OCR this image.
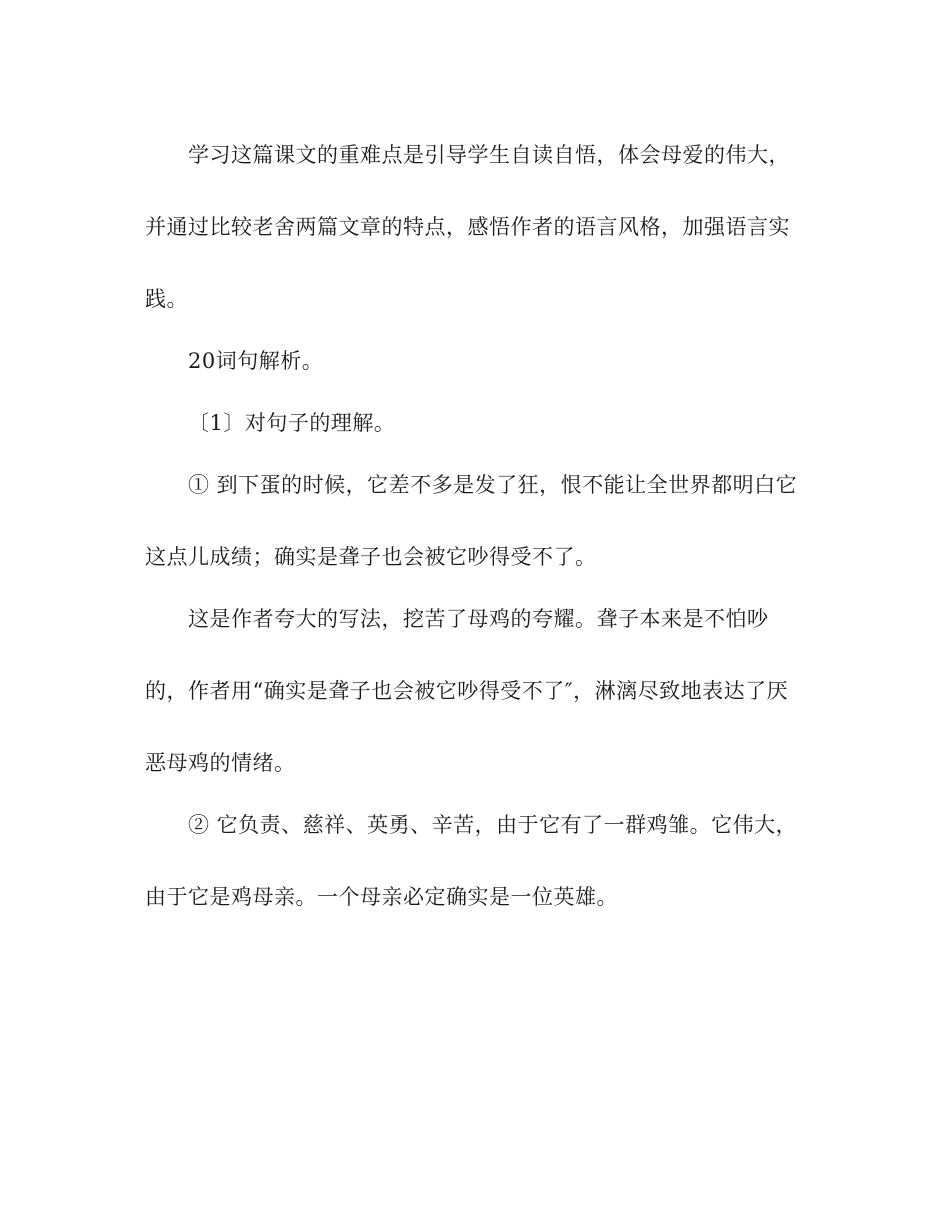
学习这篇课文的重难点是引导学生自读自悟，体会母爱的伟大，
并通过比较老舍两篇文章的特点，感悟作者的语言风格，加强语言实
践。
20词句解析。
〔1〕对句子的理解。
① 到下蛋的时候，它差不多是发了狂，恨不能让全世界都明白它
这点儿成绩；确实是聋子也会被它吵得受不了。
这是作者夸大的写法，挖苦了母鸡的夸耀。聋子本来是不怕吵
的，作者用“确实是聋子也会被它吵得受不了″，淋漓尽致地表达了厌
恶母鸡的情绪。
② 它负责、慈祥、英勇、辛苦，由于它有了一群鸡雏。它伟大，
由于它是鸡母亲。一个母亲必定确实是一位英雄。
